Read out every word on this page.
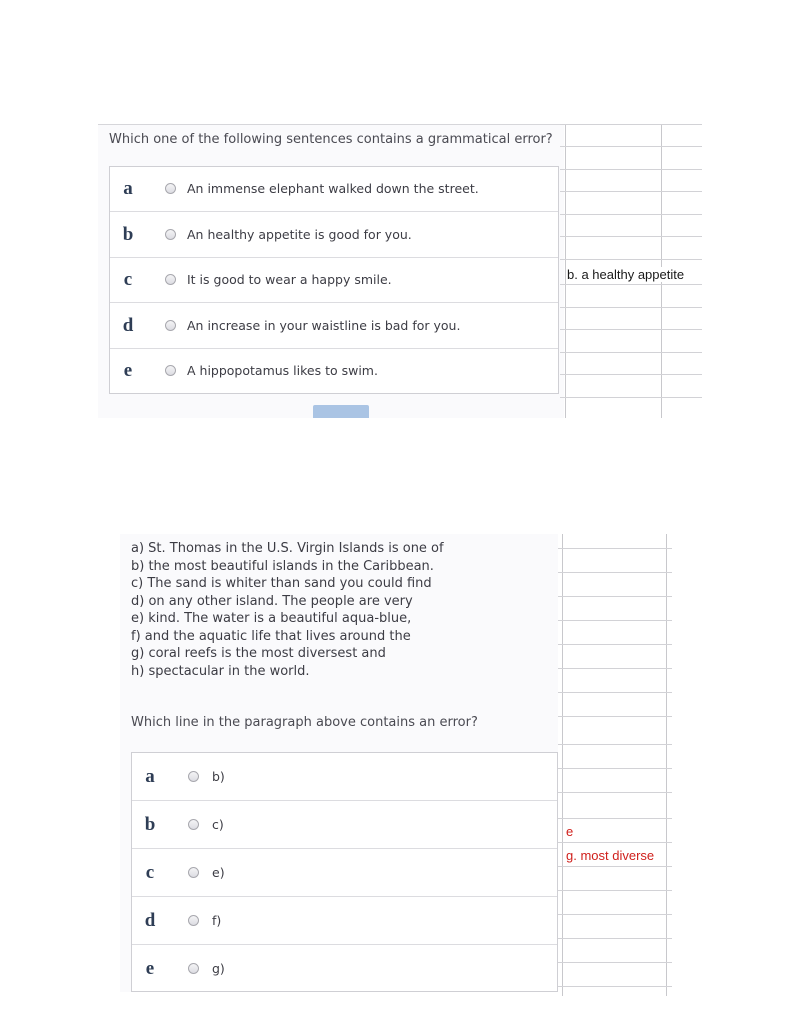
Which one of the following sentences contains a grammatical error?
a	An immense elephant walked down the street.
b	An healthy appetite is good for you.
c	It is good to wear a happy smile.
d	An increase in your waistline is bad for you.
e	A hippopotamus likes to swim.
b. a healthy appetite
a) St. Thomas in the U.S. Virgin Islands is one of
b) the most beautiful islands in the Caribbean.
c) The sand is whiter than sand you could find
d) on any other island. The people are very
e) kind. The water is a beautiful aqua-blue,
f) and the aquatic life that lives around the
g) coral reefs is the most diversest and
h) spectacular in the world.
Which line in the paragraph above contains an error?
a	b)
b	c)
c	e)
d	f)
e	g)
e
g. most diverse
